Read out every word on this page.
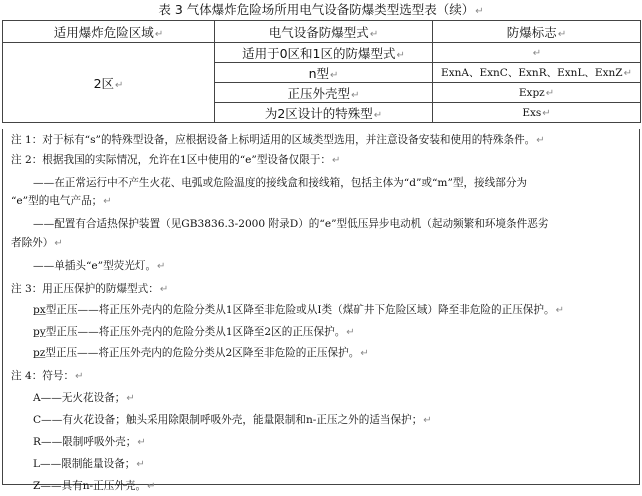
表 3 气体爆炸危险场所用电气设备防爆类型选型表（续）↵
适用爆炸危险区域↵	电气设备防爆型式↵	防爆标志↵
2区↵	适用于0区和1区的防爆型式↵	↵
	n型↵	ExnA、ExnC、ExnR、ExnL、ExnZ↵
	正压外壳型↵	Expz↵
	为2区设计的特殊型↵	Exs↵
注 1：对于标有“s”的特殊型设备，应根据设备上标明适用的区域类型选用，并注意设备安装和使用的特殊条件。↵
注 2：根据我国的实际情况，允许在1区中使用的“e”型设备仅限于：↵
——在正常运行中不产生火花、电弧或危险温度的接线盒和接线箱，包括主体为“d”或“m”型，接线部分为
“e”型的电气产品；↵
——配置有合适热保护装置（见GB3836.3-2000 附录D）的“e”型低压异步电动机（起动频繁和环境条件恶劣
者除外）↵
——单插头“e”型荧光灯。↵
注 3：用正压保护的防爆型式：↵
px型正压——将正压外壳内的危险分类从1区降至非危险或从I类（煤矿井下危险区域）降至非危险的正压保护。↵
py型正压——将正压外壳内的危险分类从1区降至2区的正压保护。↵
pz型正压——将正压外壳内的危险分类从2区降至非危险的正压保护。↵
注 4：符号：↵
A——无火花设备；↵
C——有火花设备；触头采用除限制呼吸外壳，能量限制和n-正压之外的适当保护；↵
R——限制呼吸外壳；↵
L——限制能量设备；↵
Z——具有n-正压外壳。↵
